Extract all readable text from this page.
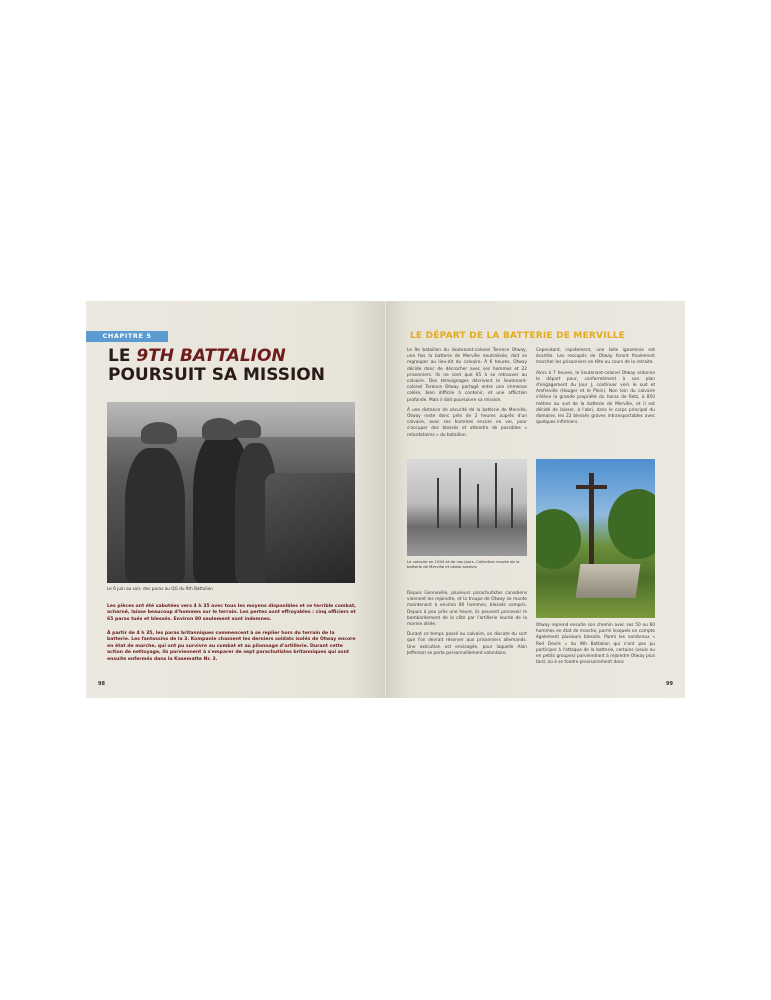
CHAPITRE 5
LE 9TH BATTALION POURSUIT SA MISSION
Le 6 juin au soir, des paras au QG du 9th Battalion
Les pièces ont été sabotées vers 4 h 35 avec tous les moyens disponibles et ce terrible combat, acharné, laisse beaucoup d'hommes sur le terrain. Les pertes sont effroyables : cinq officiers et 65 paras tués et blessés. Environ 80 seulement sont indemnes.
À partir de 4 h 35, les paras britanniques commencent à se replier hors du terrain de la batterie. Les fantassins de la 3. Kompanie chassent les derniers soldats isolés de Otway encore en état de marche, qui ont pu survivre au combat et au pilonnage d'artillerie. Durant cette action de nettoyage, ils parviennent à s'emparer de sept parachutistes britanniques qui sont ensuite enfermés dans la Kasematte Nr. 3.
98
LE DÉPART DE LA BATTERIE DE MERVILLE

Le 9e bataillon du lieutenant-colonel Terence Otway, une fois la batterie de Merville neutralisée, doit se regrouper au lieu-dit du calvaire. À 6 heures, Otway décide donc de décrocher avec ses hommes et 22 prisonniers. Ils ne sont que 65 à se retrouver au calvaire. Des témoignages décrivent le lieutenant-colonel Terence Otway partagé entre une immense colère, bien difficile à contenir, et une affliction profonde. Mais il doit poursuivre sa mission.

À une distance de sécurité de la batterie de Merville, Otway reste donc près de 2 heures auprès d'un calvaire, avec ses hommes encore en vie, pour s'occuper des blessés et attendre de possibles « retardataires » du bataillon.

Cependant, rapidement, une telle ignominie est écartée. Les rescapés de Otway feront finalement marcher les prisonniers en tête au cours de la retraite.

Alors à 7 heures, le lieutenant-colonel Otway ordonne le départ pour, conformément à son plan d'engagement du Jour J, continuer vers le sud et Amfreville (Hauger et le Plein). Non loin du calvaire s'élève la grande propriété du haras de Retz, à 850 mètres au sud de la batterie de Merville, et il est décidé de laisser, à l'abri, dans le corps principal du domaine, les 22 blessés graves intransportables avec quelques infirmiers.

Le calvaire en 1944 et de nos jours. Collection musée de la batterie de Merville et photo auteurs

Depuis Gonneville, plusieurs parachutistes canadiens viennent les rejoindre, et la troupe de Otway se monte maintenant à environ 80 hommes, blessés compris. Depuis à peu près une heure, ils peuvent percevoir le bombardement de la côte par l'artillerie lourde de la marine alliée.

Durant ce temps passé au calvaire, on discute du sort que l'on devrait réserver aux prisonniers allemands. Une exécution est envisagée, pour laquelle Alan Jefferson se porte personnellement volontaire.

Otway reprend ensuite son chemin avec ses 50 ou 60 hommes en état de marche, parmi lesquels on compte également plusieurs blessés. Parmi les nombreux « Red Devils » du 9th Battalion qui n'ont pas pu participer à l'attaque de la batterie, certains (seuls ou en petits groupes) parviendront à rejoindre Otway plus tard, où à se fondre provisoirement dans

99
